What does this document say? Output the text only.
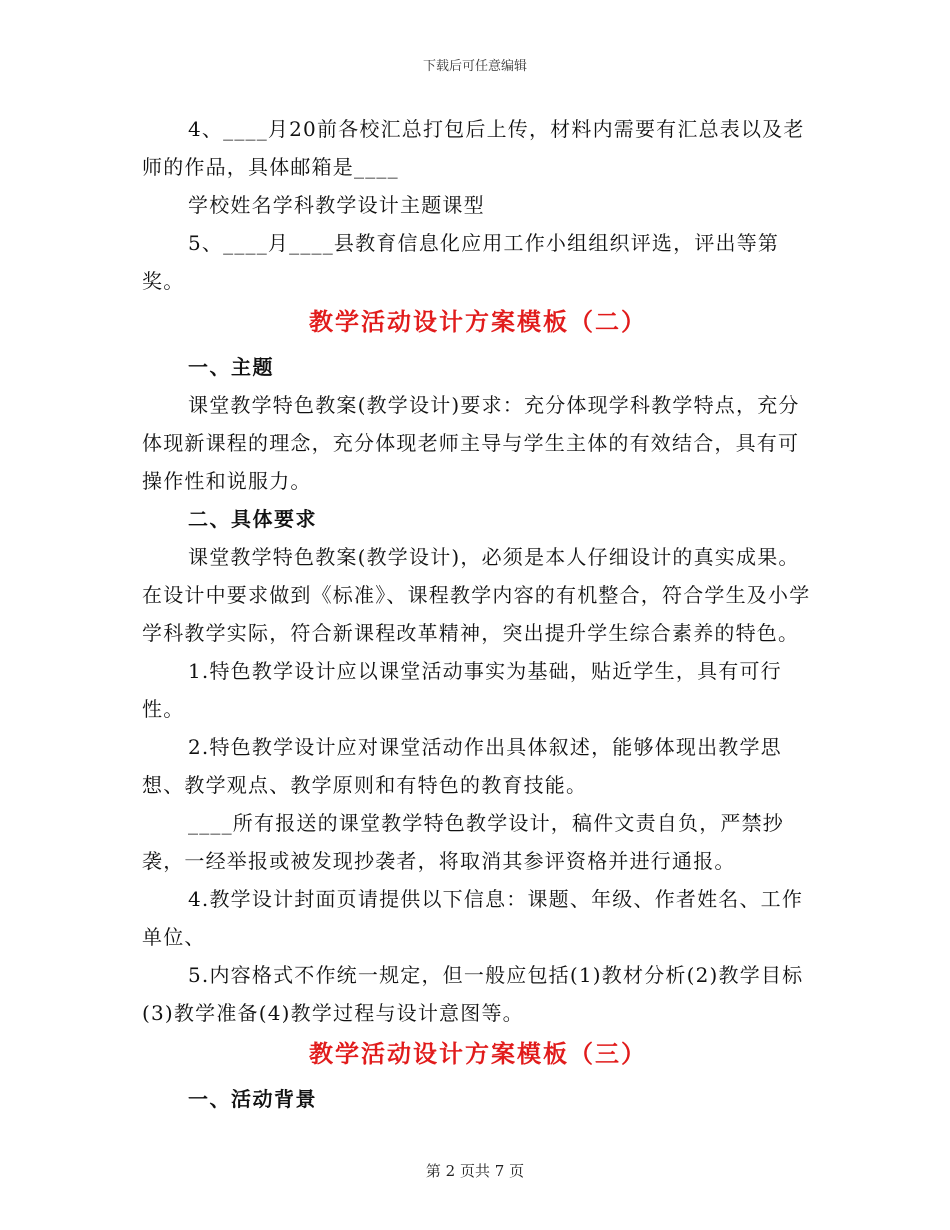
下载后可任意编辑

4、____月20前各校汇总打包后上传，材料内需要有汇总表以及老师的作品，具体邮箱是____

学校姓名学科教学设计主题课型

5、____月____县教育信息化应用工作小组组织评选，评出等第奖。

教学活动设计方案模板（二）
一、主题

课堂教学特色教案(教学设计)要求：充分体现学科教学特点，充分体现新课程的理念，充分体现老师主导与学生主体的有效结合，具有可操作性和说服力。

二、具体要求

课堂教学特色教案(教学设计)，必须是本人仔细设计的真实成果。在设计中要求做到《标准》、课程教学内容的有机整合，符合学生及小学学科教学实际，符合新课程改革精神，突出提升学生综合素养的特色。

1.特色教学设计应以课堂活动事实为基础，贴近学生，具有可行性。

2.特色教学设计应对课堂活动作出具体叙述，能够体现出教学思想、教学观点、教学原则和有特色的教育技能。

____所有报送的课堂教学特色教学设计，稿件文责自负，严禁抄袭，一经举报或被发现抄袭者，将取消其参评资格并进行通报。

4.教学设计封面页请提供以下信息：课题、年级、作者姓名、工作单位、

5.内容格式不作统一规定，但一般应包括(1)教材分析(2)教学目标(3)教学准备(4)教学过程与设计意图等。

教学活动设计方案模板（三）
一、活动背景
第 2 页共 7 页
